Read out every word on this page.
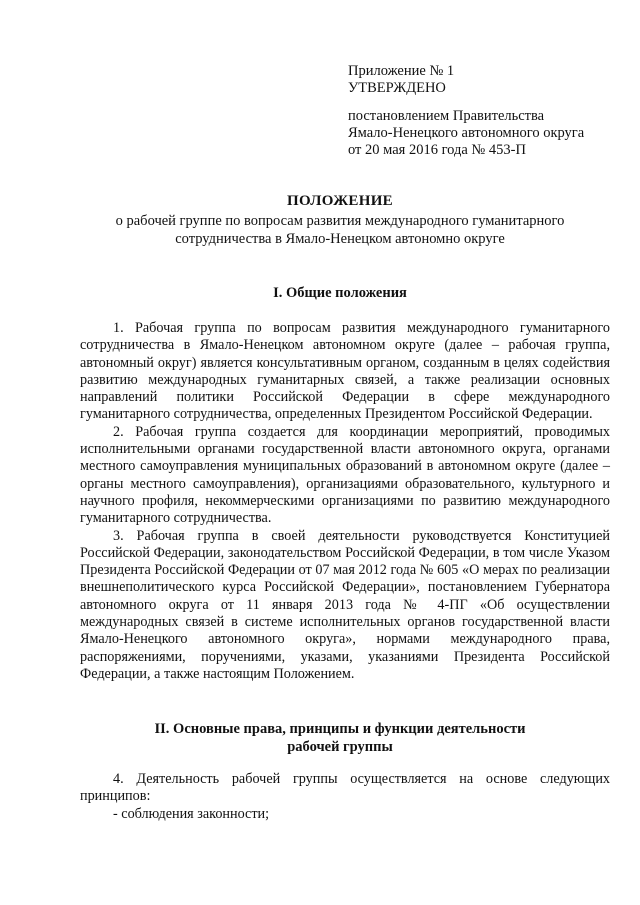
Приложение № 1
УТВЕРЖДЕНО
постановлением Правительства
Ямало-Ненецкого автономного округа
от 20 мая 2016 года № 453-П
ПОЛОЖЕНИЕ
о рабочей группе по вопросам развития международного гуманитарного
сотрудничества в Ямало-Ненецком автономно округе
I. Общие положения

1. Рабочая группа по вопросам развития международного гуманитарного сотрудничества в Ямало-Ненецком автономном округе (далее – рабочая группа, автономный округ) является консультативным органом, созданным в целях содействия развитию международных гуманитарных связей, а также реализации основных направлений политики Российской Федерации в сфере международного гуманитарного сотрудничества, определенных Президентом Российской Федерации.

2. Рабочая группа создается для координации мероприятий, проводимых исполнительными органами государственной власти автономного округа, органами местного самоуправления муниципальных образований в автономном округе (далее – органы местного самоуправления), организациями образовательного, культурного и научного профиля, некоммерческими организациями по развитию международного гуманитарного сотрудничества.

3. Рабочая группа в своей деятельности руководствуется Конституцией Российской Федерации, законодательством Российской Федерации, в том числе Указом Президента Российской Федерации от 07 мая 2012 года № 605 «О мерах по реализации внешнеполитического курса Российской Федерации», постановлением Губернатора автономного округа от 11 января 2013 года № 4-ПГ «Об осуществлении международных связей в системе исполнительных органов государственной власти Ямало-Ненецкого автономного округа», нормами международного права, распоряжениями, поручениями, указами, указаниями Президента Российской Федерации, а также настоящим Положением.

II. Основные права, принципы и функции деятельности
рабочей группы

4. Деятельность рабочей группы осуществляется на основе следующих принципов:

- соблюдения законности;
